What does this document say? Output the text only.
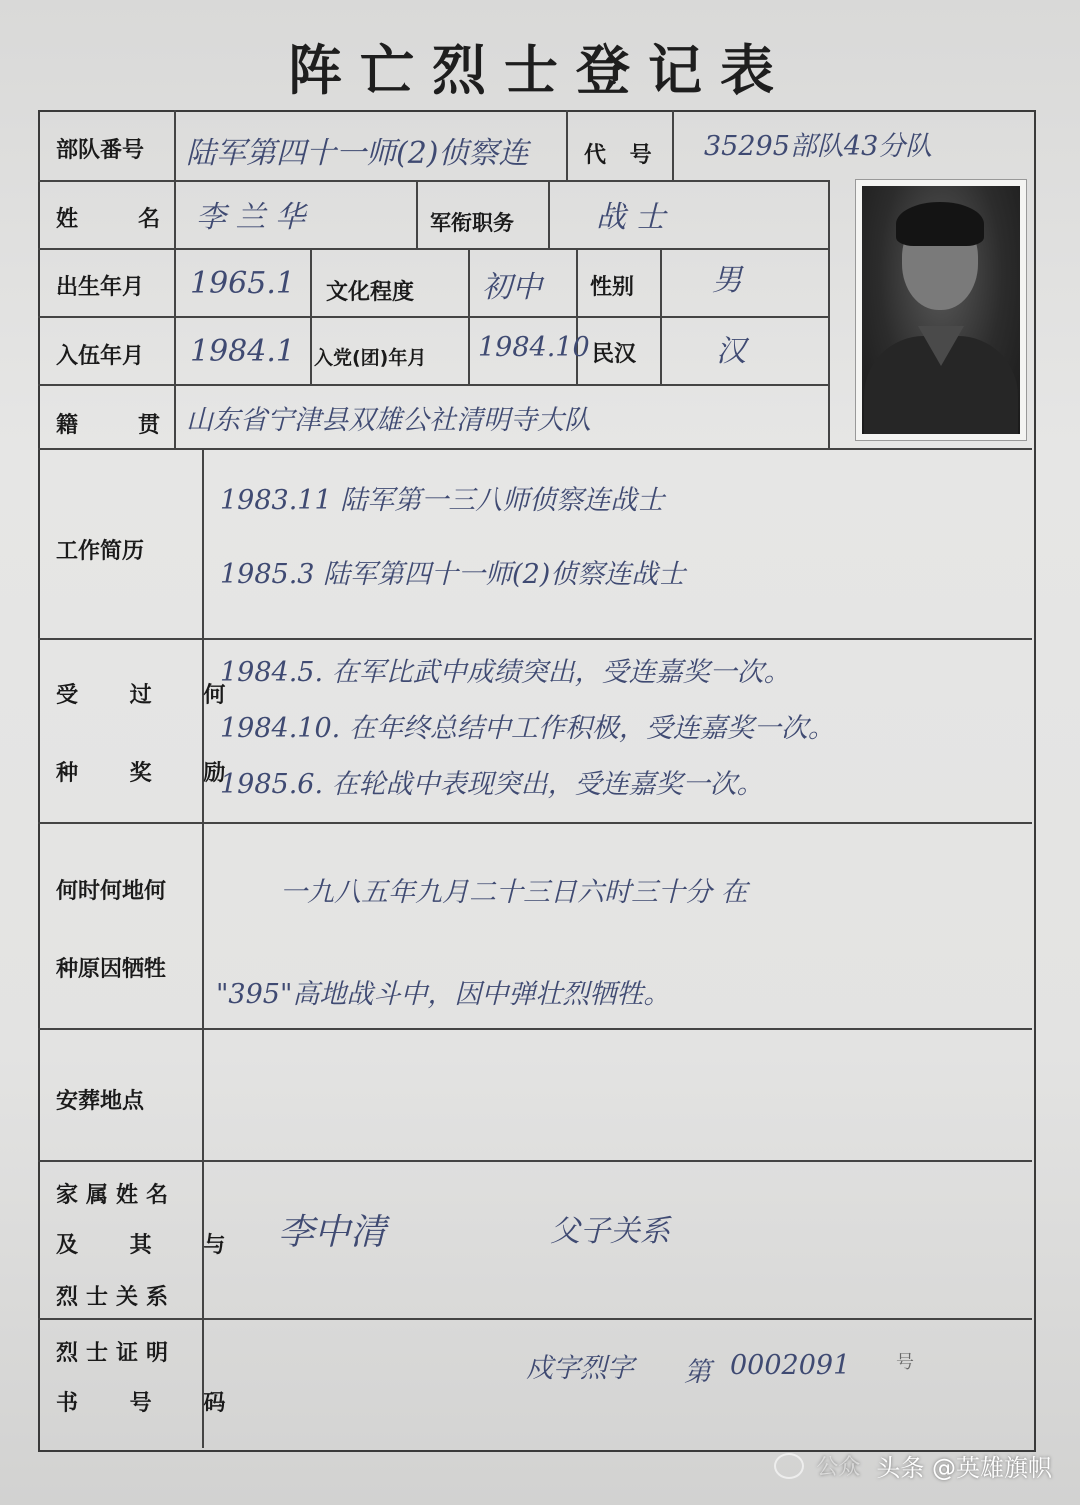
阵亡烈士登记表
部队番号 陆军第四十一师(2)侦察连	代 号 35295部队43分队
姓	名 李 兰 华	军衔职务	战 士
出生年月 1965.1 文化程度 初中 性别	男
入伍年月 1984.1 入党(团)年月 1984.10 民汉	汉
籍	贯 山东省宁津县双雄公社清明寺大队
工作简历
1983.11 陆军第一三八师侦察连战士
1985.3 陆军第四十一师(2)侦察连战士
受 过 何
种 奖 励
1984.5. 在军比武中成绩突出，受连嘉奖一次。
1984.10. 在年终总结中工作积极，受连嘉奖一次。
1985.6. 在轮战中表现突出，受连嘉奖一次。
何时何地何
种原因牺牲
一九八五年九月二十三日六时三十分 在
"395"高地战斗中，因中弹壮烈牺牲。
安葬地点
家属姓名
及 其 与
烈士关系
李中清	父子关系
烈士证明
书 号 码
戍字烈字 第 0002091	号
公众 头条 @英雄旗帜
